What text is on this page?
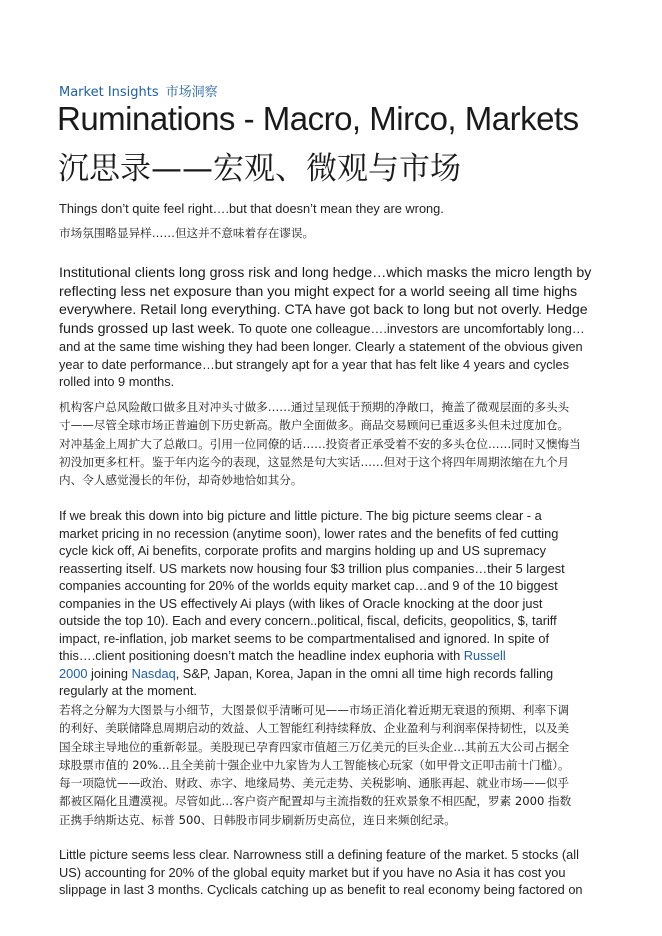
Market Insights 市场洞察
Ruminations - Macro, Mirco, Markets
沉思录——宏观、微观与市场
Things don’t quite feel right….but that doesn’t mean they are wrong.
市场氛围略显异样……但这并不意味着存在谬误。
Institutional clients long gross risk and long hedge…which masks the micro length by
reflecting less net exposure than you might expect for a world seeing all time highs
everywhere. Retail long everything. CTA have got back to long but not overly. Hedge
funds grossed up last week. To quote one colleague….investors are uncomfortably long…
and at the same time wishing they had been longer. Clearly a statement of the obvious given
year to date performance…but strangely apt for a year that has felt like 4 years and cycles
rolled into 9 months.
机构客户总风险敞口做多且对冲头寸做多……通过呈现低于预期的净敞口，掩盖了微观层面的多头头
寸——尽管全球市场正普遍创下历史新高。散户全面做多。商品交易顾问已重返多头但未过度加仓。
对冲基金上周扩大了总敞口。引用一位同僚的话……投资者正承受着不安的多头仓位……同时又懊悔当
初没加更多杠杆。鉴于年内迄今的表现，这显然是句大实话……但对于这个将四年周期浓缩在九个月
内、令人感觉漫长的年份，却奇妙地恰如其分。
If we break this down into big picture and little picture. The big picture seems clear - a
market pricing in no recession (anytime soon), lower rates and the benefits of fed cutting
cycle kick off, Ai benefits, corporate profits and margins holding up and US supremacy
reasserting itself. US markets now housing four $3 trillion plus companies…their 5 largest
companies accounting for 20% of the worlds equity market cap…and 9 of the 10 biggest
companies in the US effectively Ai plays (with likes of Oracle knocking at the door just
outside the top 10). Each and every concern..political, fiscal, deficits, geopolitics, $, tariff
impact, re-inflation, job market seems to be compartmentalised and ignored. In spite of
this….client positioning doesn’t match the headline index euphoria with Russell
2000 joining Nasdaq, S&P, Japan, Korea, Japan in the omni all time high records falling
regularly at the moment.
若将之分解为大图景与小细节，大图景似乎清晰可见——市场正消化着近期无衰退的预期、利率下调
的利好、美联储降息周期启动的效益、人工智能红利持续释放、企业盈利与利润率保持韧性，以及美
国全球主导地位的重新彰显。美股现已孕育四家市值超三万亿美元的巨头企业…其前五大公司占据全
球股票市值的 20%…且全美前十强企业中九家皆为人工智能核心玩家（如甲骨文正叩击前十门槛）。
每一项隐忧——政治、财政、赤字、地缘局势、美元走势、关税影响、通胀再起、就业市场——似乎
都被区隔化且遭漠视。尽管如此…客户资产配置却与主流指数的狂欢景象不相匹配，罗素 2000 指数
正携手纳斯达克、标普 500、日韩股市同步刷新历史高位，连日来频创纪录。
Little picture seems less clear. Narrowness still a defining feature of the market. 5 stocks (all
US) accounting for 20% of the global equity market but if you have no Asia it has cost you
slippage in last 3 months. Cyclicals catching up as benefit to real economy being factored on
